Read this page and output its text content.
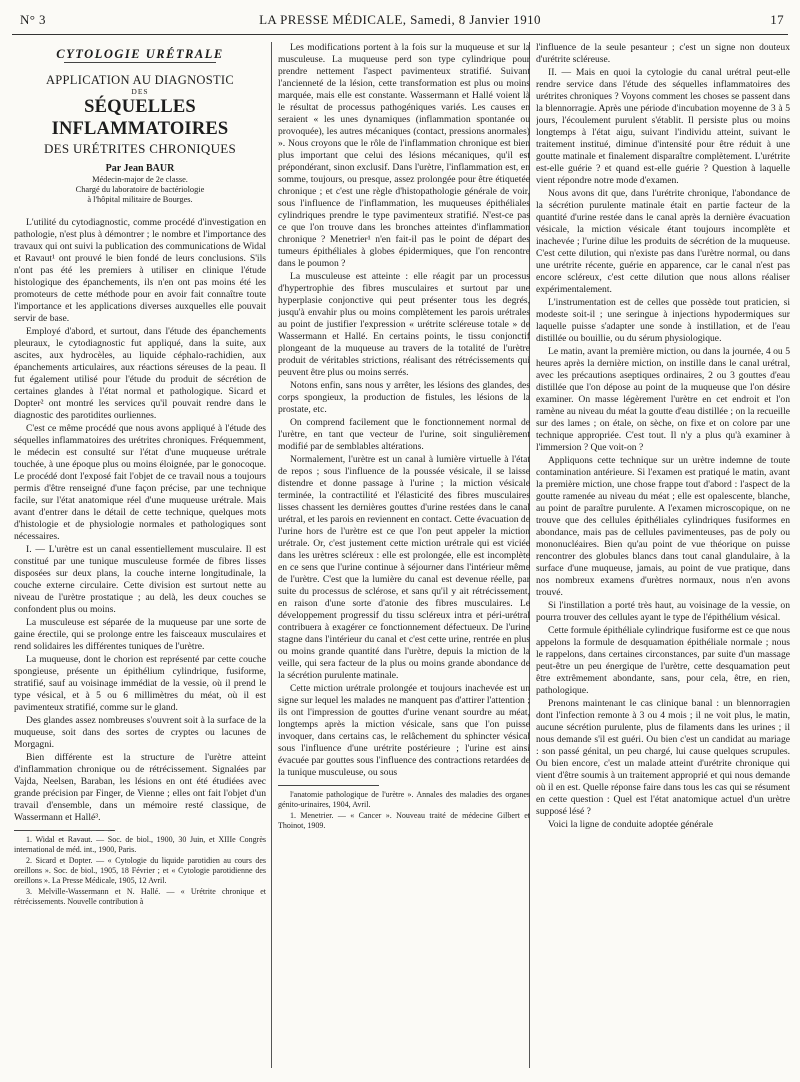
N° 3	LA PRESSE MÉDICALE, Samedi, 8 Janvier 1910	17
CYTOLOGIE URÉTRALE
APPLICATION AU DIAGNOSTIC
DES
SÉQUELLES INFLAMMATOIRES
DES URÉTRITES CHRONIQUES
Par Jean BAUR
Médecin-major de 2e classe.
Chargé du laboratoire de bactériologie
à l'hôpital militaire de Bourges.

L'utilité du cytodiagnostic, comme procédé d'investigation en pathologie, n'est plus à démontrer ; le nombre et l'importance des travaux qui ont suivi la publication des communications de Widal et Ravaut¹ ont prouvé le bien fondé de leurs conclusions. S'ils n'ont pas été les premiers à utiliser en clinique l'étude histologique des épanchements, ils n'en ont pas moins été les promoteurs de cette méthode pour en avoir fait connaître toute l'importance et les applications diverses auxquelles elle pouvait servir de base.

Employé d'abord, et surtout, dans l'étude des épanchements pleuraux, le cytodiagnostic fut appliqué, dans la suite, aux ascites, aux hydrocèles, au liquide céphalo-rachidien, aux épanchements articulaires, aux réactions séreuses de la peau. Il fut également utilisé pour l'étude du produit de sécrétion de certaines glandes à l'état normal et pathologique. Sicard et Dopter² ont montré les services qu'il pouvait rendre dans le diagnostic des parotidites ourliennes.

C'est ce même procédé que nous avons appliqué à l'étude des séquelles inflammatoires des urétrites chroniques. Fréquemment, le médecin est consulté sur l'état d'une muqueuse urétrale touchée, à une époque plus ou moins éloignée, par le gonocoque. Le procédé dont l'exposé fait l'objet de ce travail nous a toujours permis d'être renseigné d'une façon précise, par une technique facile, sur l'état anatomique réel d'une muqueuse urétrale. Mais avant d'entrer dans le détail de cette technique, quelques mots d'histologie et de physiologie normales et pathologiques sont nécessaires.

I. — L'urètre est un canal essentiellement musculaire. Il est constitué par une tunique musculeuse formée de fibres lisses disposées sur deux plans, la couche interne longitudinale, la couche externe circulaire. Cette division est surtout nette au niveau de l'urètre prostatique ; au delà, les deux couches se confondent plus ou moins.

La musculeuse est séparée de la muqueuse par une sorte de gaine érectile, qui se prolonge entre les faisceaux musculaires et rend solidaires les différentes tuniques de l'urètre.

La muqueuse, dont le chorion est représenté par cette couche spongieuse, présente un épithélium cylindrique, fusiforme, stratifié, sauf au voisinage immédiat de la vessie, où il prend le type vésical, et à 5 ou 6 millimètres du méat, où il est pavimenteux stratifié, comme sur le gland.

Des glandes assez nombreuses s'ouvrent soit à la surface de la muqueuse, soit dans des sortes de cryptes ou lacunes de Morgagni.

Bien différente est la structure de l'urètre atteint d'inflammation chronique ou de rétrécissement. Signalées par Vajda, Neelsen, Baraban, les lésions en ont été étudiées avec grande précision par Finger, de Vienne ; elles ont fait l'objet d'un travail d'ensemble, dans un mémoire resté classique, de Wassermann et Hallé³.

1. Widal et Ravaut. — Soc. de biol., 1900, 30 Juin, et XIIIe Congrès international de méd. int., 1900, Paris.

2. Sicard et Dopter. — « Cytologie du liquide parotidien au cours des oreillons ». Soc. de biol., 1905, 18 Février ; et « Cytologie parotidienne des oreillons ». La Presse Médicale, 1905, 12 Avril.

3. Melville-Wassermann et N. Hallé. — « Urétrite chronique et rétrécissements. Nouvelle contribution à

Les modifications portent à la fois sur la muqueuse et sur la musculeuse. La muqueuse perd son type cylindrique pour prendre nettement l'aspect pavimenteux stratifié. Suivant l'ancienneté de la lésion, cette transformation est plus ou moins marquée, mais elle est constante. Wassermann et Hallé voient là le résultat de processus pathogéniques variés. Les causes en seraient « les unes dynamiques (inflammation spontanée ou provoquée), les autres mécaniques (contact, pressions anormales) ». Nous croyons que le rôle de l'inflammation chronique est bien plus important que celui des lésions mécaniques, qu'il est prépondérant, sinon exclusif. Dans l'urètre, l'inflammation est, en somme, toujours, ou presque, assez prolongée pour être étiquetée chronique ; et c'est une règle d'histopathologie générale de voir, sous l'influence de l'inflammation, les muqueuses épithéliales cylindriques prendre le type pavimenteux stratifié. N'est-ce pas ce que l'on trouve dans les bronches atteintes d'inflammation chronique ? Menetrier¹ n'en fait-il pas le point de départ des tumeurs épithéliales à globes épidermiques, que l'on rencontre dans le poumon ?

La musculeuse est atteinte : elle réagit par un processus d'hypertrophie des fibres musculaires et surtout par une hyperplasie conjonctive qui peut présenter tous les degrés, jusqu'à envahir plus ou moins complètement les parois urétrales au point de justifier l'expression « urétrite scléreuse totale » de Wassermann et Hallé. En certains points, le tissu conjonctif plongeant de la muqueuse au travers de la totalité de l'urètre produit de véritables strictions, réalisant des rétrécissements qui peuvent être plus ou moins serrés.

Notons enfin, sans nous y arrêter, les lésions des glandes, des corps spongieux, la production de fistules, les lésions de la prostate, etc.

On comprend facilement que le fonctionnement normal de l'urètre, en tant que vecteur de l'urine, soit singulièrement modifié par de semblables altérations.

Normalement, l'urètre est un canal à lumière virtuelle à l'état de repos ; sous l'influence de la poussée vésicale, il se laisse distendre et donne passage à l'urine ; la miction vésicale terminée, la contractilité et l'élasticité des fibres musculaires lisses chassent les dernières gouttes d'urine restées dans le canal urétral, et les parois en reviennent en contact. Cette évacuation de l'urine hors de l'urètre est ce que l'on peut appeler la miction urétrale. Or, c'est justement cette miction urétrale qui est viciée dans les urètres scléreux : elle est prolongée, elle est incomplète en ce sens que l'urine continue à séjourner dans l'intérieur même de l'urètre. C'est que la lumière du canal est devenue réelle, par suite du processus de sclérose, et sans qu'il y ait rétrécissement, en raison d'une sorte d'atonie des fibres musculaires. Le développement progressif du tissu scléreux intra et péri-urétral contribuera à exagérer ce fonctionnement défectueux. De l'urine stagne dans l'intérieur du canal et c'est cette urine, rentrée en plus ou moins grande quantité dans l'urètre, depuis la miction de la veille, qui sera facteur de la plus ou moins grande abondance de la sécrétion purulente matinale.

Cette miction urétrale prolongée et toujours inachevée est un signe sur lequel les malades ne manquent pas d'attirer l'attention ; ils ont l'impression de gouttes d'urine venant sourdre au méat, longtemps après la miction vésicale, sans que l'on puisse invoquer, dans certains cas, le relâchement du sphincter vésical sous l'influence d'une urétrite postérieure ; l'urine est ainsi évacuée par gouttes sous l'influence des contractions retardées de la tunique musculeuse, ou sous

l'anatomie pathologique de l'urètre ». Annales des maladies des organes génito-urinaires, 1904, Avril.

1. Menetrier. — « Cancer ». Nouveau traité de médecine Gilbert et Thoinot, 1909.

l'influence de la seule pesanteur ; c'est un signe non douteux d'urétrite scléreuse.

II. — Mais en quoi la cytologie du canal urétral peut-elle rendre service dans l'étude des séquelles inflammatoires des urétrites chroniques ? Voyons comment les choses se passent dans la blennorragie. Après une période d'incubation moyenne de 3 à 5 jours, l'écoulement purulent s'établit. Il persiste plus ou moins longtemps à l'état aigu, suivant l'individu atteint, suivant le traitement institué, diminue d'intensité pour être réduit à une goutte matinale et finalement disparaître complètement. L'urétrite est-elle guérie ? et quand est-elle guérie ? Question à laquelle vient répondre notre mode d'examen.

Nous avons dit que, dans l'urétrite chronique, l'abondance de la sécrétion purulente matinale était en partie facteur de la quantité d'urine restée dans le canal après la dernière évacuation vésicale, la miction vésicale étant toujours incomplète et inachevée ; l'urine dilue les produits de sécrétion de la muqueuse. C'est cette dilution, qui n'existe pas dans l'urètre normal, ou dans une urétrite récente, guérie en apparence, car le canal n'est pas encore scléreux, c'est cette dilution que nous allons réaliser expérimentalement.

L'instrumentation est de celles que possède tout praticien, si modeste soit-il ; une seringue à injections hypodermiques sur laquelle puisse s'adapter une sonde à instillation, et de l'eau distillée ou bouillie, ou du sérum physiologique.

Le matin, avant la première miction, ou dans la journée, 4 ou 5 heures après la dernière miction, on instille dans le canal urétral, avec les précautions aseptiques ordinaires, 2 ou 3 gouttes d'eau distillée que l'on dépose au point de la muqueuse que l'on désire examiner. On masse légèrement l'urètre en cet endroit et l'on ramène au niveau du méat la goutte d'eau distillée ; on la recueille sur des lames ; on étale, on sèche, on fixe et on colore par une technique appropriée. C'est tout. Il n'y a plus qu'à examiner à l'immersion ? Que voit-on ?

Appliquons cette technique sur un urètre indemne de toute contamination antérieure. Si l'examen est pratiqué le matin, avant la première miction, une chose frappe tout d'abord : l'aspect de la goutte ramenée au niveau du méat ; elle est opalescente, blanche, au point de paraître purulente. A l'examen microscopique, on ne trouve que des cellules épithéliales cylindriques fusiformes en abondance, mais pas de cellules pavimenteuses, pas de poly ou mononucléaires. Bien qu'au point de vue théorique on puisse rencontrer des globules blancs dans tout canal glandulaire, à la surface d'une muqueuse, jamais, au point de vue pratique, dans nos nombreux examens d'urètres normaux, nous n'en avons trouvé.

Si l'instillation a porté très haut, au voisinage de la vessie, on pourra trouver des cellules ayant le type de l'épithélium vésical.

Cette formule épithéliale cylindrique fusiforme est ce que nous appelons la formule de desquamation épithéliale normale ; nous le rappelons, dans certaines circonstances, par suite d'un massage peut-être un peu énergique de l'urètre, cette desquamation peut être extrêmement abondante, sans, pour cela, être, en rien, pathologique.

Prenons maintenant le cas clinique banal : un blennorragien dont l'infection remonte à 3 ou 4 mois ; il ne voit plus, le matin, aucune sécrétion purulente, plus de filaments dans les urines ; il nous demande s'il est guéri. Ou bien c'est un candidat au mariage : son passé génital, un peu chargé, lui cause quelques scrupules. Ou bien encore, c'est un malade atteint d'urétrite chronique qui vient d'être soumis à un traitement approprié et qui nous demande où il en est. Quelle réponse faire dans tous les cas qui se résument en cette question : Quel est l'état anatomique actuel d'un urètre supposé lésé ?

Voici la ligne de conduite adoptée générale
